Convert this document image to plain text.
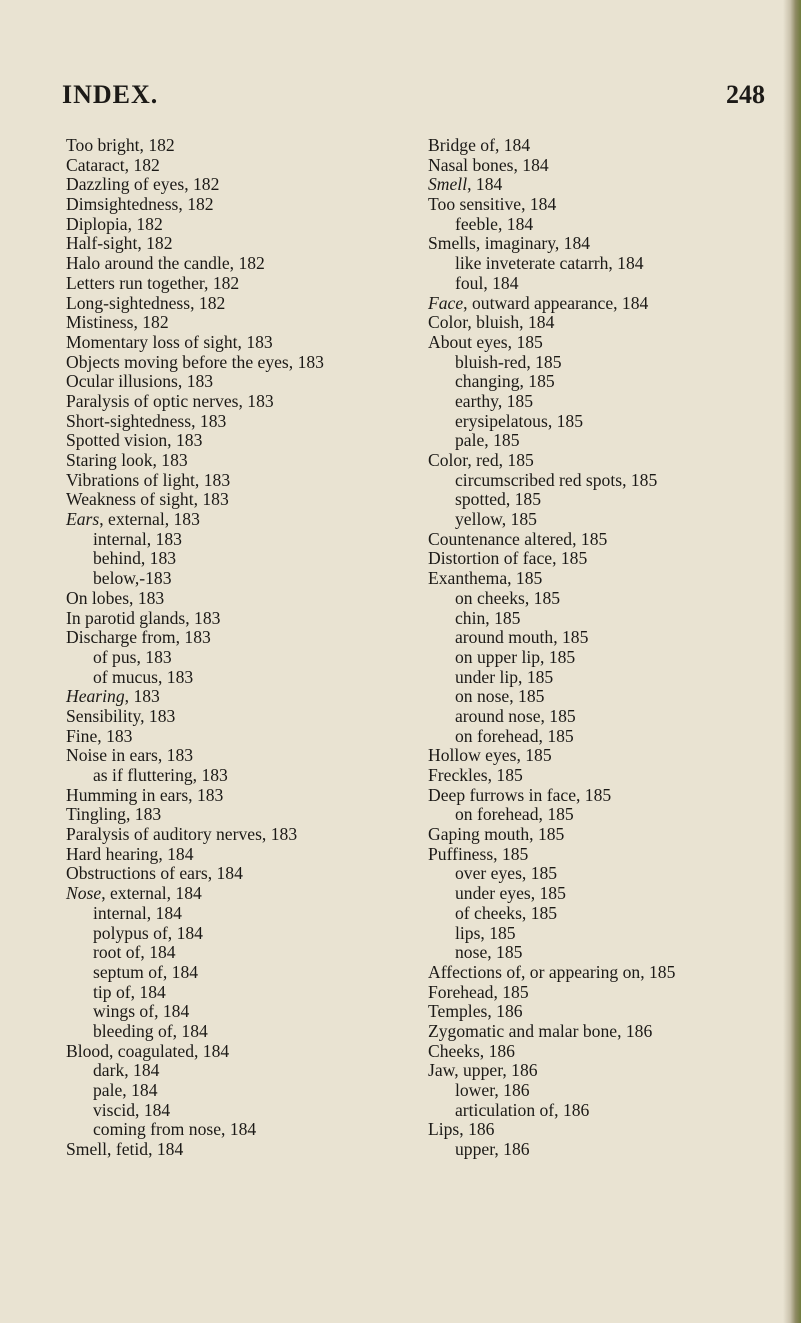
INDEX.	248
Too bright, 182
Cataract, 182
Dazzling of eyes, 182
Dimsightedness, 182
Diplopia, 182
Half-sight, 182
Halo around the candle, 182
Letters run together, 182
Long-sightedness, 182
Mistiness, 182
Momentary loss of sight, 183
Objects moving before the eyes, 183
Ocular illusions, 183
Paralysis of optic nerves, 183
Short-sightedness, 183
Spotted vision, 183
Staring look, 183
Vibrations of light, 183
Weakness of sight, 183
Ears, external, 183
internal, 183
behind, 183
below,-183
On lobes, 183
In parotid glands, 183
Discharge from, 183
of pus, 183
of mucus, 183
Hearing, 183
Sensibility, 183
Fine, 183
Noise in ears, 183
as if fluttering, 183
Humming in ears, 183
Tingling, 183
Paralysis of auditory nerves, 183
Hard hearing, 184
Obstructions of ears, 184
Nose, external, 184
internal, 184
polypus of, 184
root of, 184
septum of, 184
tip of, 184
wings of, 184
bleeding of, 184
Blood, coagulated, 184
dark, 184
pale, 184
viscid, 184
coming from nose, 184
Smell, fetid, 184
Bridge of, 184
Nasal bones, 184
Smell, 184
Too sensitive, 184
feeble, 184
Smells, imaginary, 184
like inveterate catarrh, 184
foul, 184
Face, outward appearance, 184
Color, bluish, 184
About eyes, 185
bluish-red, 185
changing, 185
earthy, 185
erysipelatous, 185
pale, 185
Color, red, 185
circumscribed red spots, 185
spotted, 185
yellow, 185
Countenance altered, 185
Distortion of face, 185
Exanthema, 185
on cheeks, 185
chin, 185
around mouth, 185
on upper lip, 185
under lip, 185
on nose, 185
around nose, 185
on forehead, 185
Hollow eyes, 185
Freckles, 185
Deep furrows in face, 185
on forehead, 185
Gaping mouth, 185
Puffiness, 185
over eyes, 185
under eyes, 185
of cheeks, 185
lips, 185
nose, 185
Affections of, or appearing on, 185
Forehead, 185
Temples, 186
Zygomatic and malar bone, 186
Cheeks, 186
Jaw, upper, 186
lower, 186
articulation of, 186
Lips, 186
upper, 186
